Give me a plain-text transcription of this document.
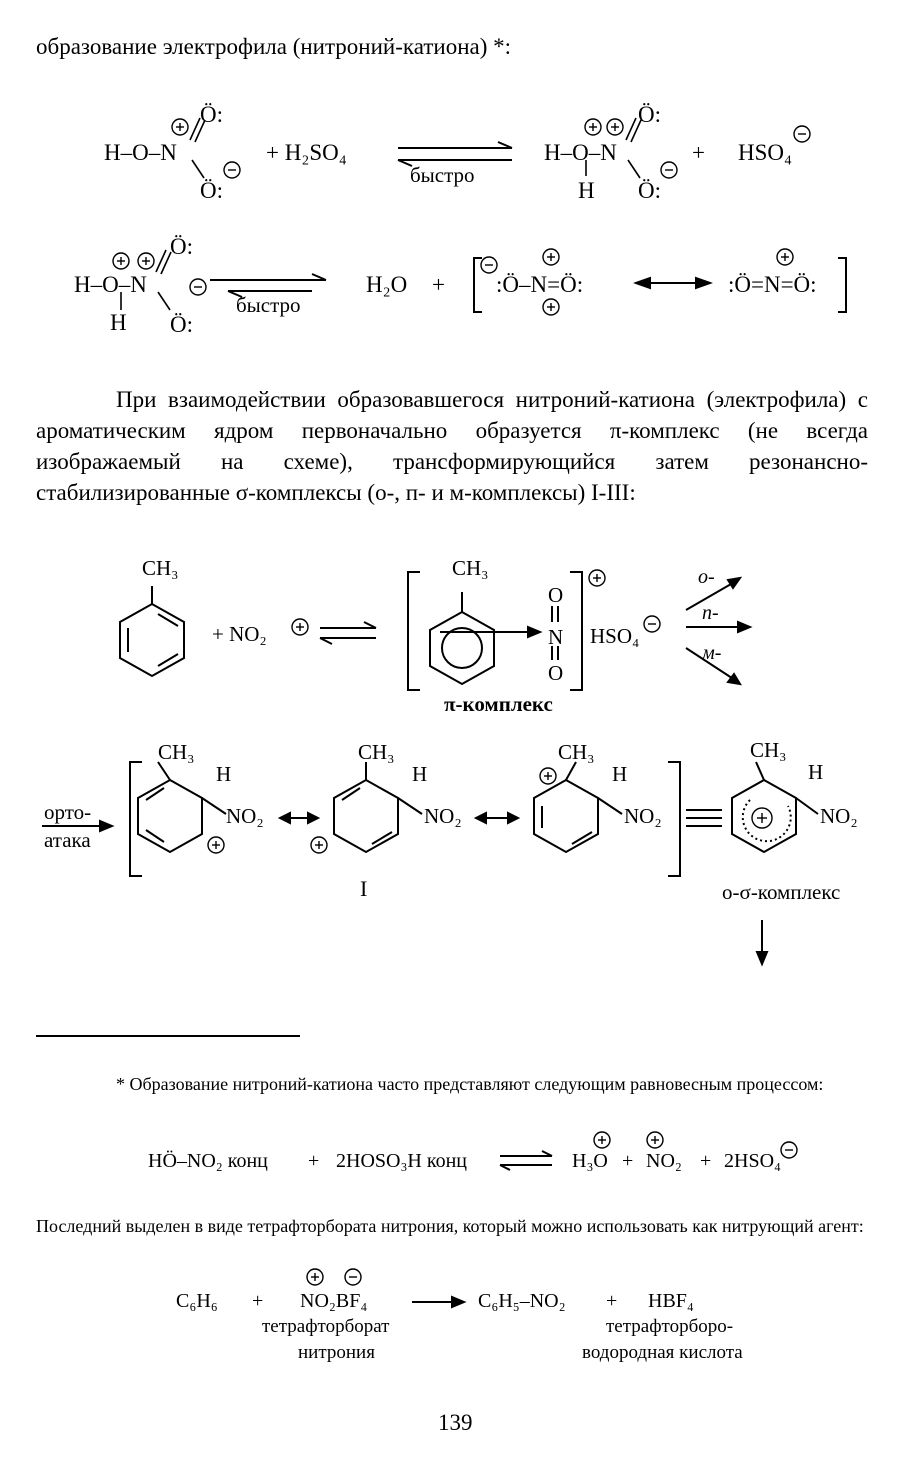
образование электрофила (нитроний-катиона) *:
Ö:
Ö:
Ö:
Ö:
Ö:
Ö:
O
N
O
H–O–N	+ H₂SO₄
быстро
H–O–N
H
+ HSO₄
H–O–N
H
быстро
H₂O + :Ö–N=Ö:	:Ö=N=Ö:
При взаимодействии образовавшегося нитроний-катиона (электрофила) с ароматическим ядром первоначально образуется π-комплекс (не всегда изображаемый на схеме), трансформирующийся затем резонансно-стабилизированные σ-комплексы (о-, п- и м-комплексы) I-III:
CH₃
+ NO₂
CH₃
HSO₄
π-комплекс
о-
п-
м-
орто-
атака
CH₃
H
NO₂
CH₃
H
NO₂
CH₃
H
NO₂
I
CH₃
H
NO₂
о-σ-комплекс
* Образование нитроний-катиона часто представляют следующим равновесным процессом:
HÖ–NO₂ конц + 2HOSO₃H конц	H₃O + NO₂ + 2HSO₄
Последний выделен в виде тетрафторбората нитрония, который можно использовать как нитрующий агент:
C₆H₆ + NO₂BF₄	C₆H₅–NO₂ + HBF₄
тетрафторборат
нитрония
тетрафторборо-
водородная кислота
139
